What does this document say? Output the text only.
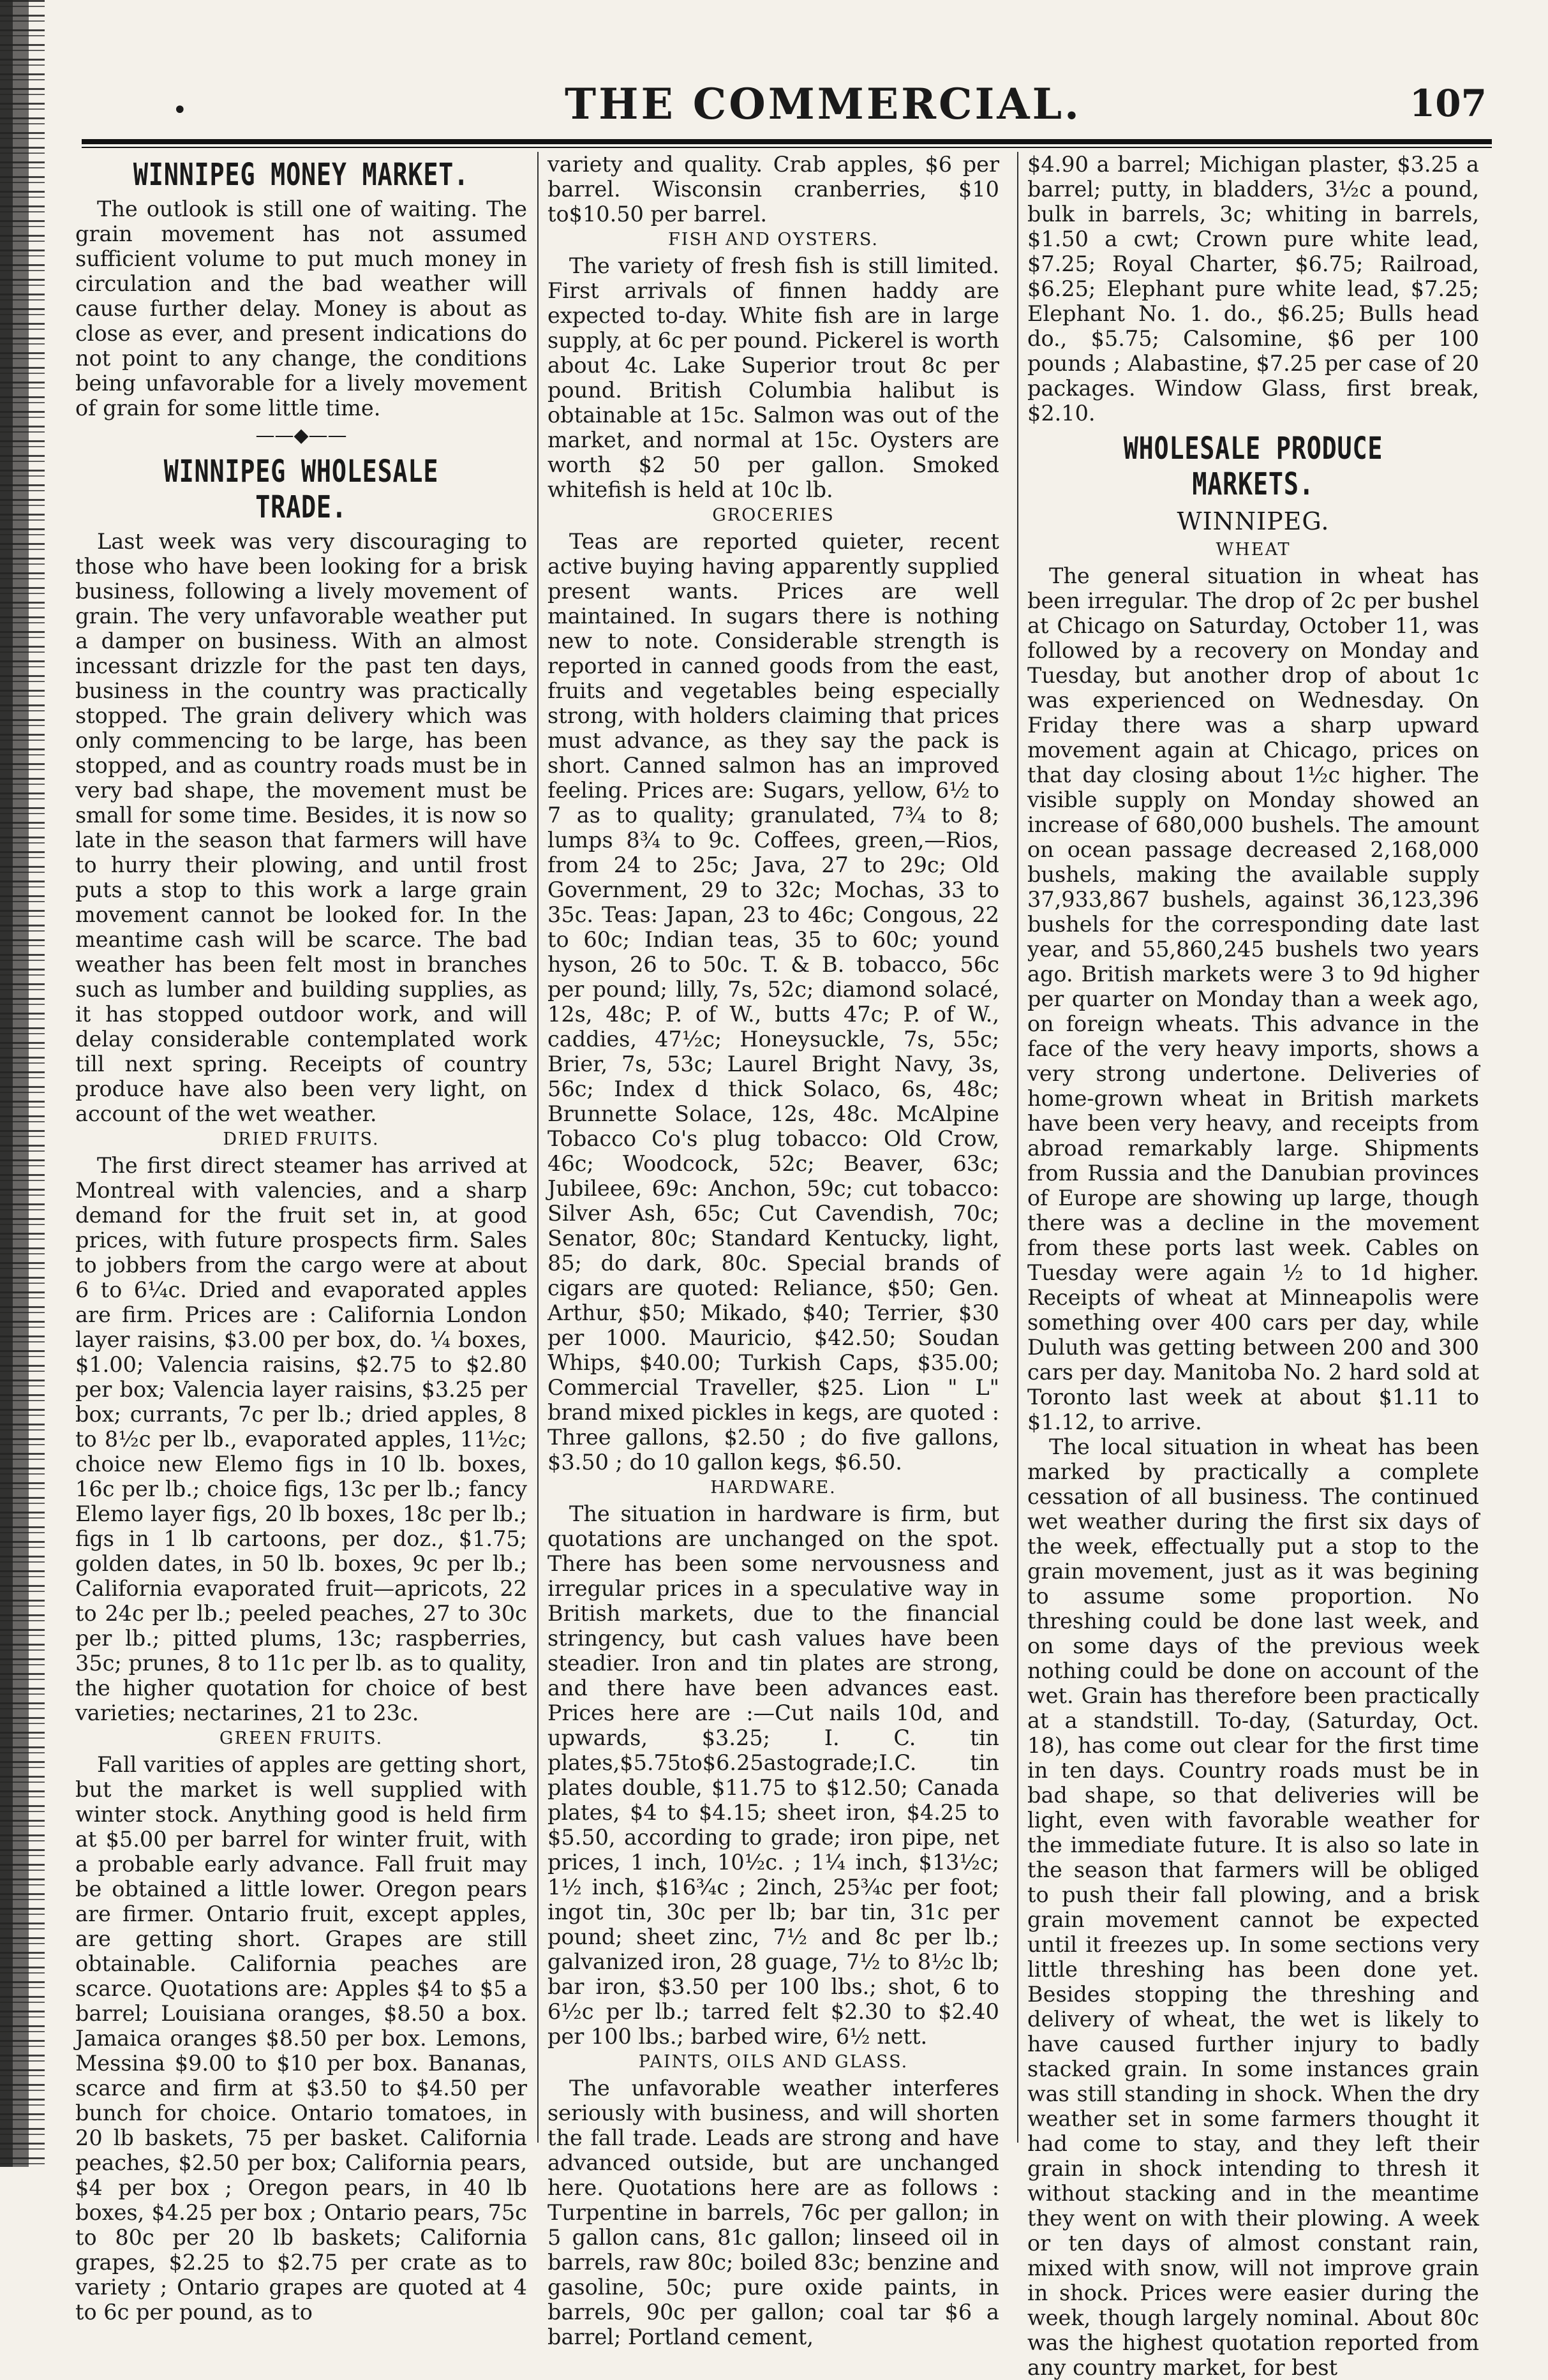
•	THE COMMERCIAL.	107
WINNIPEG MONEY MARKET.

The outlook is still one of waiting. The grain movement has not assumed sufficient volume to put much money in circulation and the bad weather will cause further delay. Money is about as close as ever, and present indications do not point to any change, the conditions being unfavorable for a lively movement of grain for some little time.

——◆——
WINNIPEG WHOLESALE TRADE.

Last week was very discouraging to those who have been looking for a brisk business, following a lively movement of grain. The very unfavorable weather put a damper on business. With an almost incessant drizzle for the past ten days, business in the country was practically stopped. The grain delivery which was only commencing to be large, has been stopped, and as country roads must be in very bad shape, the movement must be small for some time. Besides, it is now so late in the season that farmers will have to hurry their plowing, and until frost puts a stop to this work a large grain movement cannot be looked for. In the meantime cash will be scarce. The bad weather has been felt most in branches such as lumber and building supplies, as it has stopped outdoor work, and will delay considerable contemplated work till next spring. Receipts of country produce have also been very light, on account of the wet weather.

DRIED FRUITS.

The first direct steamer has arrived at Montreal with valencies, and a sharp demand for the fruit set in, at good prices, with future prospects firm. Sales to jobbers from the cargo were at about 6 to 6¼c. Dried and evaporated apples are firm. Prices are : California London layer raisins, $3.00 per box, do. ¼ boxes, $1.00; Valencia raisins, $2.75 to $2.80 per box; Valencia layer raisins, $3.25 per box; currants, 7c per lb.; dried apples, 8 to 8½c per lb., evaporated apples, 11½c; choice new Elemo figs in 10 lb. boxes, 16c per lb.; choice figs, 13c per lb.; fancy Elemo layer figs, 20 lb boxes, 18c per lb.; figs in 1 lb cartoons, per doz., $1.75; golden dates, in 50 lb. boxes, 9c per lb.; California evaporated fruit—apricots, 22 to 24c per lb.; peeled peaches, 27 to 30c per lb.; pitted plums, 13c; raspberries, 35c; prunes, 8 to 11c per lb. as to quality, the higher quotation for choice of best varieties; nectarines, 21 to 23c.

GREEN FRUITS.

Fall varities of apples are getting short, but the market is well supplied with winter stock. Anything good is held firm at $5.00 per barrel for winter fruit, with a probable early advance. Fall fruit may be obtained a little lower. Oregon pears are firmer. Ontario fruit, except apples, are getting short. Grapes are still obtainable. California peaches are scarce. Quotations are: Apples $4 to $5 a barrel; Louisiana oranges, $8.50 a box. Jamaica oranges $8.50 per box. Lemons, Messina $9.00 to $10 per box. Bananas, scarce and firm at $3.50 to $4.50 per bunch for choice. Ontario tomatoes, in 20 lb baskets, 75 per basket. California peaches, $2.50 per box; California pears, $4 per box ; Oregon pears, in 40 lb boxes, $4.25 per box ; Ontario pears, 75c to 80c per 20 lb baskets; California grapes, $2.25 to $2.75 per crate as to variety ; Ontario grapes are quoted at 4 to 6c per pound, as to

variety and quality. Crab apples, $6 per barrel. Wisconsin cranberries, $10 to$10.50 per barrel.

FISH AND OYSTERS.

The variety of fresh fish is still limited. First arrivals of finnen haddy are expected to-day. White fish are in large supply, at 6c per pound. Pickerel is worth about 4c. Lake Superior trout 8c per pound. British Columbia halibut is obtainable at 15c. Salmon was out of the market, and normal at 15c. Oysters are worth $2 50 per gallon. Smoked whitefish is held at 10c lb.

GROCERIES

Teas are reported quieter, recent active buying having apparently supplied present wants. Prices are well maintained. In sugars there is nothing new to note. Considerable strength is reported in canned goods from the east, fruits and vegetables being especially strong, with holders claiming that prices must advance, as they say the pack is short. Canned salmon has an improved feeling. Prices are: Sugars, yellow, 6½ to 7 as to quality; granulated, 7¾ to 8; lumps 8¾ to 9c. Coffees, green,—Rios, from 24 to 25c; Java, 27 to 29c; Old Government, 29 to 32c; Mochas, 33 to 35c. Teas: Japan, 23 to 46c; Congous, 22 to 60c; Indian teas, 35 to 60c; yound hyson, 26 to 50c. T. & B. tobacco, 56c per pound; lilly, 7s, 52c; diamond solacé, 12s, 48c; P. of W., butts 47c; P. of W., caddies, 47½c; Honeysuckle, 7s, 55c; Brier, 7s, 53c; Laurel Bright Navy, 3s, 56c; Index d thick Solaco, 6s, 48c; Brunnette Solace, 12s, 48c. McAlpine Tobacco Co's plug tobacco: Old Crow, 46c; Woodcock, 52c; Beaver, 63c; Jubileee, 69c: Anchon, 59c; cut tobacco: Silver Ash, 65c; Cut Cavendish, 70c; Senator, 80c; Standard Kentucky, light, 85; do dark, 80c. Special brands of cigars are quoted: Reliance, $50; Gen. Arthur, $50; Mikado, $40; Terrier, $30 per 1000. Mauricio, $42.50; Soudan Whips, $40.00; Turkish Caps, $35.00; Commercial Traveller, $25. Lion " L" brand mixed pickles in kegs, are quoted : Three gallons, $2.50 ; do five gallons, $3.50 ; do 10 gallon kegs, $6.50.

HARDWARE.

The situation in hardware is firm, but quotations are unchanged on the spot. There has been some nervousness and irregular prices in a speculative way in British markets, due to the financial stringency, but cash values have been steadier. Iron and tin plates are strong, and there have been advances east. Prices here are :—Cut nails 10d, and upwards, $3.25; I. C. tin plates,$5.75to$6.25astograde;I.C. tin plates double, $11.75 to $12.50; Canada plates, $4 to $4.15; sheet iron, $4.25 to $5.50, according to grade; iron pipe, net prices, 1 inch, 10½c. ; 1¼ inch, $13½c; 1½ inch, $16¾c ; 2inch, 25¾c per foot; ingot tin, 30c per lb; bar tin, 31c per pound; sheet zinc, 7½ and 8c per lb.; galvanized iron, 28 guage, 7½ to 8½c lb; bar iron, $3.50 per 100 lbs.; shot, 6 to 6½c per lb.; tarred felt $2.30 to $2.40 per 100 lbs.; barbed wire, 6½ nett.

PAINTS, OILS AND GLASS.

The unfavorable weather interferes seriously with business, and will shorten the fall trade. Leads are strong and have advanced outside, but are unchanged here. Quotations here are as follows : Turpentine in barrels, 76c per gallon; in 5 gallon cans, 81c gallon; linseed oil in barrels, raw 80c; boiled 83c; benzine and gasoline, 50c; pure oxide paints, in barrels, 90c per gallon; coal tar $6 a barrel; Portland cement,

$4.90 a barrel; Michigan plaster, $3.25 a barrel; putty, in bladders, 3½c a pound, bulk in barrels, 3c; whiting in barrels, $1.50 a cwt; Crown pure white lead, $7.25; Royal Charter, $6.75; Railroad, $6.25; Elephant pure white lead, $7.25; Elephant No. 1. do., $6.25; Bulls head do., $5.75; Calsomine, $6 per 100 pounds ; Alabastine, $7.25 per case of 20 packages. Window Glass, first break, $2.10.

WHOLESALE PRODUCE MARKETS.
WINNIPEG.
WHEAT

The general situation in wheat has been irregular. The drop of 2c per bushel at Chicago on Saturday, October 11, was followed by a recovery on Monday and Tuesday, but another drop of about 1c was experienced on Wednesday. On Friday there was a sharp upward movement again at Chicago, prices on that day closing about 1½c higher. The visible supply on Monday showed an increase of 680,000 bushels. The amount on ocean passage decreased 2,168,000 bushels, making the available supply 37,933,867 bushels, against 36,123,396 bushels for the corresponding date last year, and 55,860,245 bushels two years ago. British markets were 3 to 9d higher per quarter on Monday than a week ago, on foreign wheats. This advance in the face of the very heavy imports, shows a very strong undertone. Deliveries of home-grown wheat in British markets have been very heavy, and receipts from abroad remarkably large. Shipments from Russia and the Danubian provinces of Europe are showing up large, though there was a decline in the movement from these ports last week. Cables on Tuesday were again ½ to 1d higher. Receipts of wheat at Minneapolis were something over 400 cars per day, while Duluth was getting between 200 and 300 cars per day. Manitoba No. 2 hard sold at Toronto last week at about $1.11 to $1.12, to arrive.

The local situation in wheat has been marked by practically a complete cessation of all business. The continued wet weather during the first six days of the week, effectually put a stop to the grain movement, just as it was begining to assume some proportion. No threshing could be done last week, and on some days of the previous week nothing could be done on account of the wet. Grain has therefore been practically at a standstill. To-day, (Saturday, Oct. 18), has come out clear for the first time in ten days. Country roads must be in bad shape, so that deliveries will be light, even with favorable weather for the immediate future. It is also so late in the season that farmers will be obliged to push their fall plowing, and a brisk grain movement cannot be expected until it freezes up. In some sections very little threshing has been done yet. Besides stopping the threshing and delivery of wheat, the wet is likely to have caused further injury to badly stacked grain. In some instances grain was still standing in shock. When the dry weather set in some farmers thought it had come to stay, and they left their grain in shock intending to thresh it without stacking and in the meantime they went on with their plowing. A week or ten days of almost constant rain, mixed with snow, will not improve grain in shock. Prices were easier during the week, though largely nominal. About 80c was the highest quotation reported from any country market, for best
